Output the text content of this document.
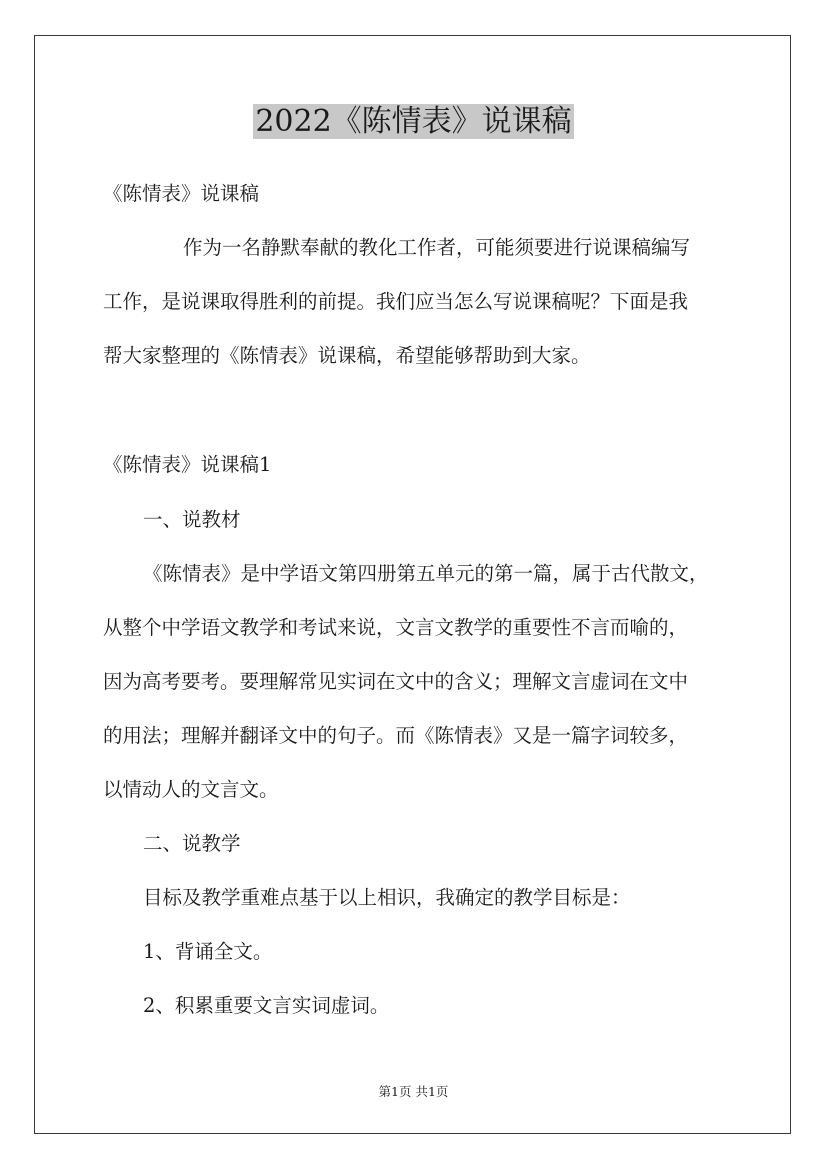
2022《陈情表》说课稿
《陈情表》说课稿
作为一名静默奉献的教化工作者，可能须要进行说课稿编写
工作，是说课取得胜利的前提。我们应当怎么写说课稿呢？下面是我
帮大家整理的《陈情表》说课稿，希望能够帮助到大家。
《陈情表》说课稿1
一、说教材
《陈情表》是中学语文第四册第五单元的第一篇，属于古代散文，
从整个中学语文教学和考试来说，文言文教学的重要性不言而喻的，
因为高考要考。要理解常见实词在文中的含义；理解文言虚词在文中
的用法；理解并翻译文中的句子。而《陈情表》又是一篇字词较多，
以情动人的文言文。
二、说教学
目标及教学重难点基于以上相识，我确定的教学目标是：
1、背诵全文。
2、积累重要文言实词虚词。
第1页 共1页
